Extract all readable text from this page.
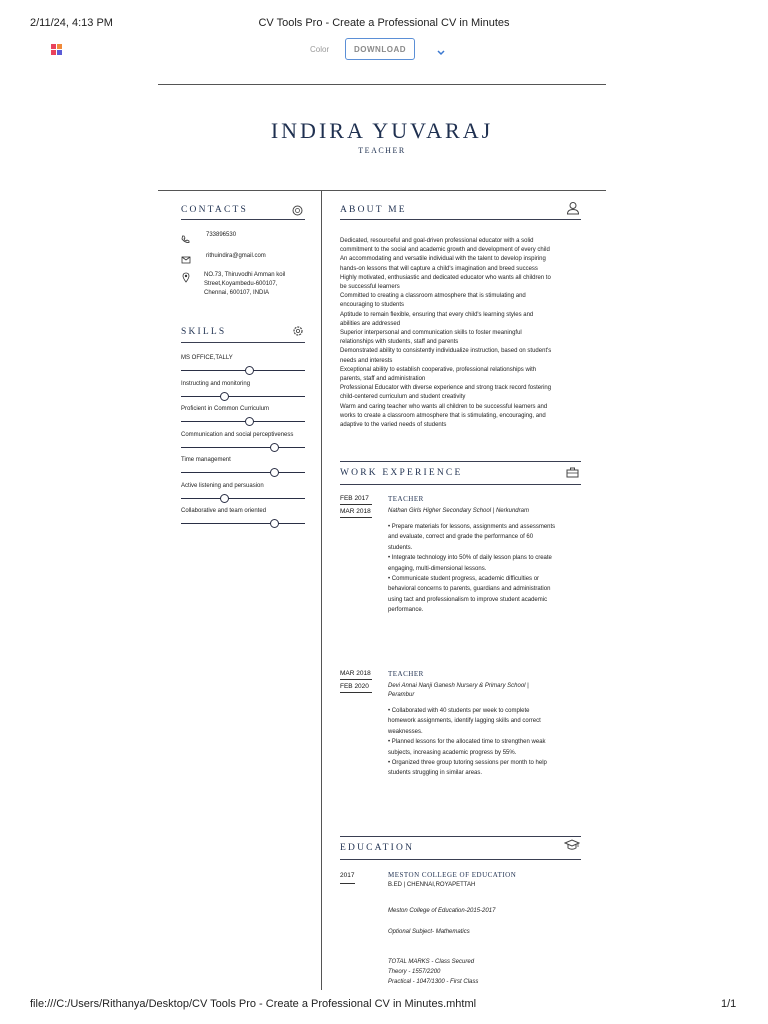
2/11/24, 4:13 PM	CV Tools Pro - Create a Professional CV in Minutes
Color	DOWNLOAD
INDIRA YUVARAJ
TEACHER
CONTACTS
733896530
rithuindira@gmail.com
NO.73, Thiruvodhi Amman koil
Street,Koyambedu-600107,
Chennai, 600107, INDIA
SKILLS
MS OFFICE,TALLY
Instructing and monitoring
Proficient in Common Curriculum
Communication and social perceptiveness
Time management
Active listening and persuasion
Collaborative and team oriented
ABOUT ME
Dedicated, resourceful and goal-driven professional educator with a solid
commitment to the social and academic growth and development of every child
An accommodating and versatile individual with the talent to develop inspiring
hands-on lessons that will capture a child's imagination and breed success
Highly motivated, enthusiastic and dedicated educator who wants all children to
be successful learners
Committed to creating a classroom atmosphere that is stimulating and
encouraging to students
Aptitude to remain flexible, ensuring that every child's learning styles and
abilities are addressed
Superior interpersonal and communication skills to foster meaningful
relationships with students, staff and parents
Demonstrated ability to consistently individualize instruction, based on student's
needs and interests
Exceptional ability to establish cooperative, professional relationships with
parents, staff and administration
Professional Educator with diverse experience and strong track record fostering
child-centered curriculum and student creativity
Warm and caring teacher who wants all children to be successful learners and
works to create a classroom atmosphere that is stimulating, encouraging, and
adaptive to the varied needs of students
WORK EXPERIENCE
FEB 2017
MAR 2018
TEACHER
Nathan Girls Higher Secondary School | Nerkundram
• Prepare materials for lessons, assignments and assessments
and evaluate, correct and grade the performance of 60
students.
• Integrate technology into 50% of daily lesson plans to create
engaging, multi-dimensional lessons.
• Communicate student progress, academic difficulties or
behavioral concerns to parents, guardians and administration
using tact and professionalism to improve student academic
performance.
MAR 2018
FEB 2020
TEACHER
Devi Annai Nanji Ganesh Nursery & Primary School |
Perambur
• Collaborated with 40 students per week to complete
homework assignments, identify lagging skills and correct
weaknesses.
• Planned lessons for the allocated time to strengthen weak
subjects, increasing academic progress by 55%.
• Organized three group tutoring sessions per month to help
students struggling in similar areas.
EDUCATION
2017	MESTON COLLEGE OF EDUCATION
B.ED | CHENNAI,ROYAPETTAH
Meston College of Education-2015-2017
Optional Subject- Mathematics
TOTAL MARKS - Class Secured
Theory - 1557/2200
Practical - 1047/1300 - First Class
file:///C:/Users/Rithanya/Desktop/CV Tools Pro - Create a Professional CV in Minutes.mhtml	1/1
